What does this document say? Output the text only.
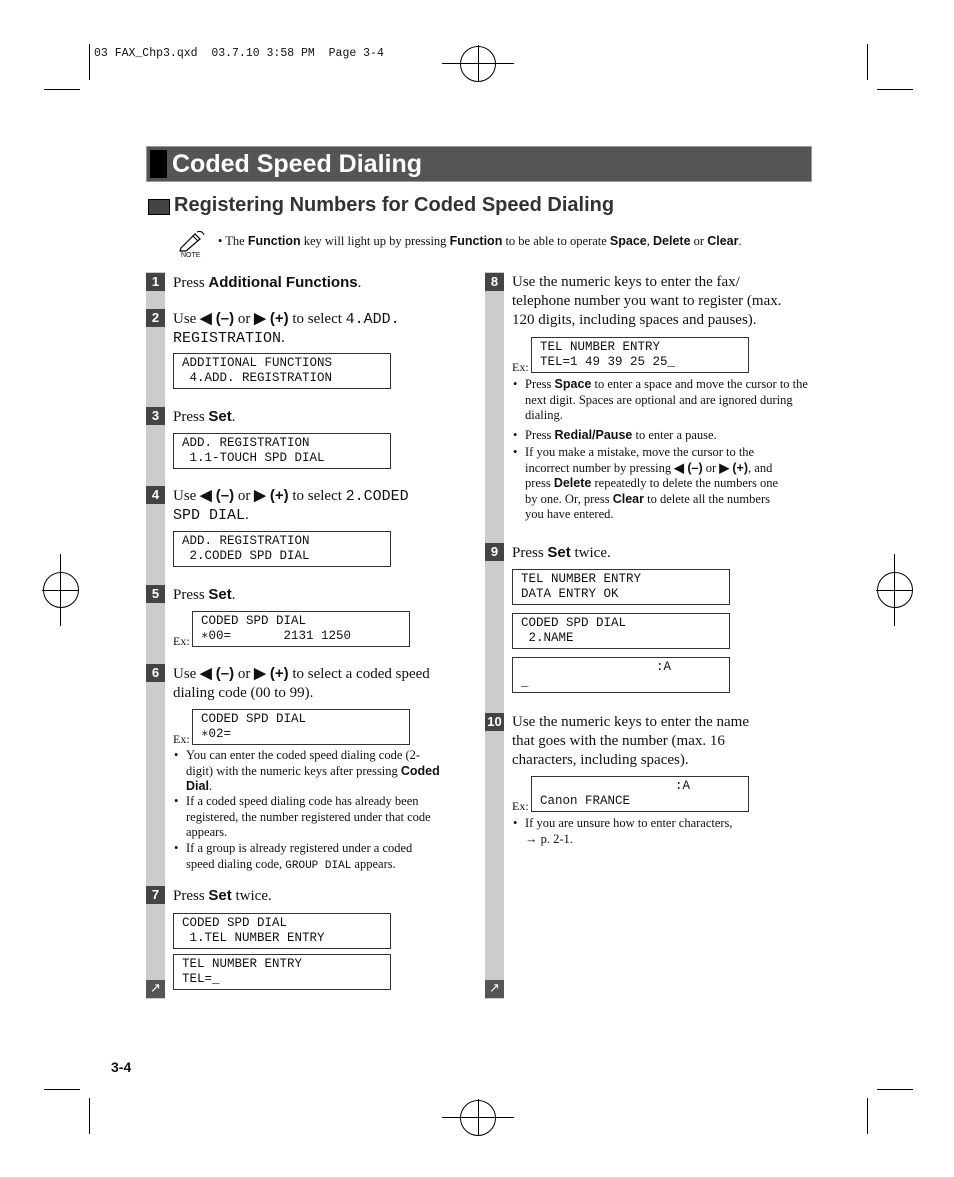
03 FAX_Chp3.qxd  03.7.10 3:58 PM  Page 3-4
Coded Speed Dialing
Registering Numbers for Coded Speed Dialing
NOTE
• The Function key will light up by pressing Function to be able to operate Space, Delete or Clear.
1 Press Additional Functions.
2 Use ◀ (–) or ▶ (+) to select 4.ADD.
REGISTRATION.
ADDITIONAL FUNCTIONS
4.ADD. REGISTRATION
3 Press Set.
ADD. REGISTRATION
1.1-TOUCH SPD DIAL
4 Use ◀ (–) or ▶ (+) to select 2.CODED
SPD DIAL.
ADD. REGISTRATION
2.CODED SPD DIAL
5 Press Set.
Ex:
CODED SPD DIAL
∗00=       2131 1250
6 Use ◀ (–) or ▶ (+) to select a coded speed
dialing code (00 to 99).
Ex:
CODED SPD DIAL
∗02=
• You can enter the coded speed dialing code (2-
digit) with the numeric keys after pressing Coded
Dial.
• If a coded speed dialing code has already been registered, the number registered under that code appears.
• If a group is already registered under a coded
speed dialing code, GROUP DIAL appears.
7 Press Set twice.
CODED SPD DIAL
1.TEL NUMBER ENTRY
TEL NUMBER ENTRY
TEL=_
↗	↗
8 Use the numeric keys to enter the fax/
telephone number you want to register (max.
120 digits, including spaces and pauses).
Ex:
TEL NUMBER ENTRY
TEL=1 49 39 25 25_
• Press Space to enter a space and move the cursor to the next digit. Spaces are optional and are ignored during dialing.
• Press Redial/Pause to enter a pause.
• If you make a mistake, move the cursor to the
incorrect number by pressing ◀ (–) or ▶ (+), and
press Delete repeatedly to delete the numbers one
by one. Or, press Clear to delete all the numbers
you have entered.
9 Press Set twice.
TEL NUMBER ENTRY
DATA ENTRY OK
CODED SPD DIAL
2.NAME
:A
_
10 Use the numeric keys to enter the name
that goes with the number (max. 16
characters, including spaces).
Ex:
:A
Canon FRANCE
• If you are unsure how to enter characters,
→ p. 2-1.
3-4
